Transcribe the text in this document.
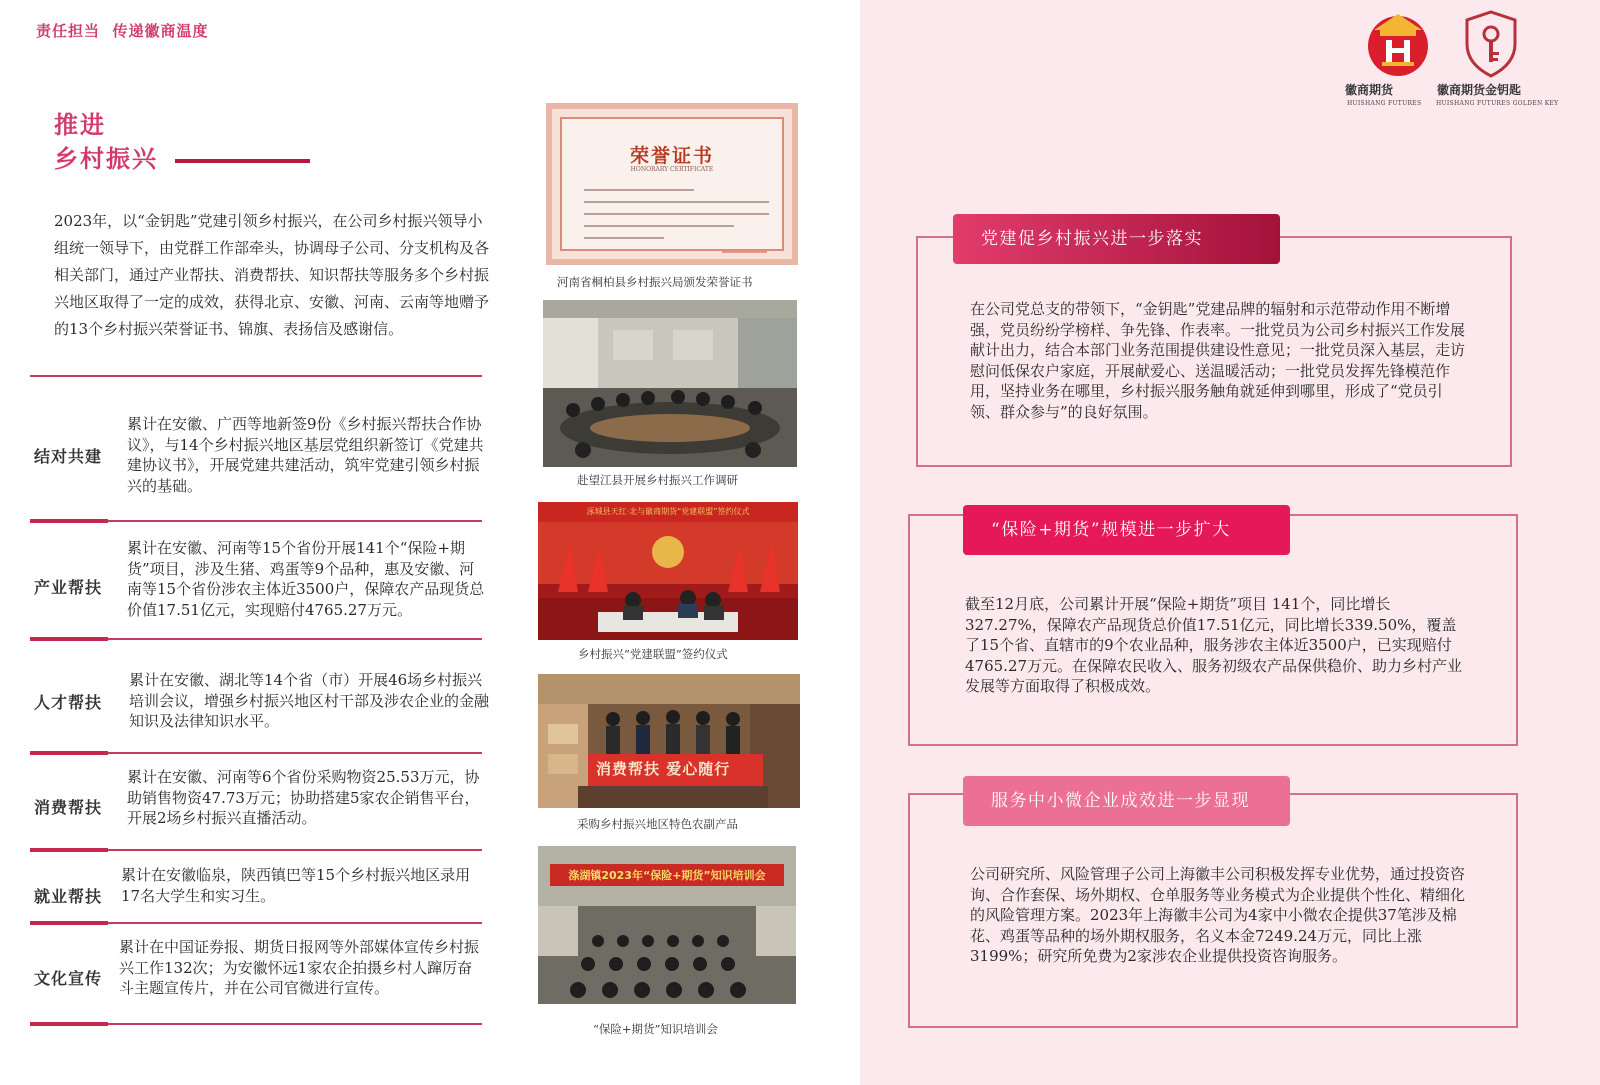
责任担当  传递徽商温度
推进
乡村振兴
2023年，以“金钥匙”党建引领乡村振兴，在公司乡村振兴领导小组统一领导下，由党群工作部牵头，协调母子公司、分支机构及各相关部门，通过产业帮扶、消费帮扶、知识帮扶等服务多个乡村振兴地区取得了一定的成效，获得北京、安徽、河南、云南等地赠予的13个乡村振兴荣誉证书、锦旗、表扬信及感谢信。
结对共建
累计在安徽、广西等地新签9份《乡村振兴帮扶合作协议》，与14个乡村振兴地区基层党组织新签订《党建共建协议书》，开展党建共建活动，筑牢党建引领乡村振兴的基础。
产业帮扶
累计在安徽、河南等15个省份开展141个“保险+期货”项目，涉及生猪、鸡蛋等9个品种，惠及安徽、河南等15个省份涉农主体近3500户，保障农产品现货总价值17.51亿元，实现赔付4765.27万元。
人才帮扶
累计在安徽、湖北等14个省（市）开展46场乡村振兴培训会议，增强乡村振兴地区村干部及涉农企业的金融知识及法律知识水平。
消费帮扶
累计在安徽、河南等6个省份采购物资25.53万元，协助销售物资47.73万元；协助搭建5家农企销售平台，开展2场乡村振兴直播活动。
就业帮扶
累计在安徽临泉，陕西镇巴等15个乡村振兴地区录用17名大学生和实习生。
文化宣传
累计在中国证券报、期货日报网等外部媒体宣传乡村振兴工作132次；为安徽怀远1家农企拍摄乡村人蹿厉奋斗主题宣传片，并在公司官微进行宣传。
荣誉证书
HONORARY CERTIFICATE
河南省桐柏县乡村振兴局颁发荣誉证书
赴望江县开展乡村振兴工作调研
涿城县天红·北与徽商期货“党建联盟”签约仪式
乡村振兴“党建联盟”签约仪式
消费帮扶 爱心随行
采购乡村振兴地区特色农副产品
涤湖镇2023年“保险+期货”知识培训会
“保险+期货”知识培训会
徽商期货
HUISHANG FUTURES
徽商期货金钥匙
HUISHANG FUTURES GOLDEN KEY
党建促乡村振兴进一步落实
在公司党总支的带领下，“金钥匙”党建品牌的辐射和示范带动作用不断增强，党员纷纷学榜样、争先锋、作表率。一批党员为公司乡村振兴工作发展献计出力，结合本部门业务范围提供建设性意见；一批党员深入基层，走访慰问低保农户家庭，开展献爱心、送温暖活动；一批党员发挥先锋模范作用，坚持业务在哪里，乡村振兴服务触角就延伸到哪里，形成了“党员引领、群众参与”的良好氛围。
“保险+期货”规模进一步扩大
截至12月底，公司累计开展“保险+期货”项目 141个，同比增长327.27%，保障农产品现货总价值17.51亿元，同比增长339.50%，覆盖了15个省、直辖市的9个农业品种，服务涉农主体近3500户，已实现赔付4765.27万元。在保障农民收入、服务初级农产品保供稳价、助力乡村产业发展等方面取得了积极成效。
服务中小微企业成效进一步显现
公司研究所、风险管理子公司上海徽丰公司积极发挥专业优势，通过投资咨询、合作套保、场外期权、仓单服务等业务模式为企业提供个性化、精细化的风险管理方案。2023年上海徽丰公司为4家中小微农企提供37笔涉及棉花、鸡蛋等品种的场外期权服务，名义本金7249.24万元，同比上涨3199%；研究所免费为2家涉农企业提供投资咨询服务。
